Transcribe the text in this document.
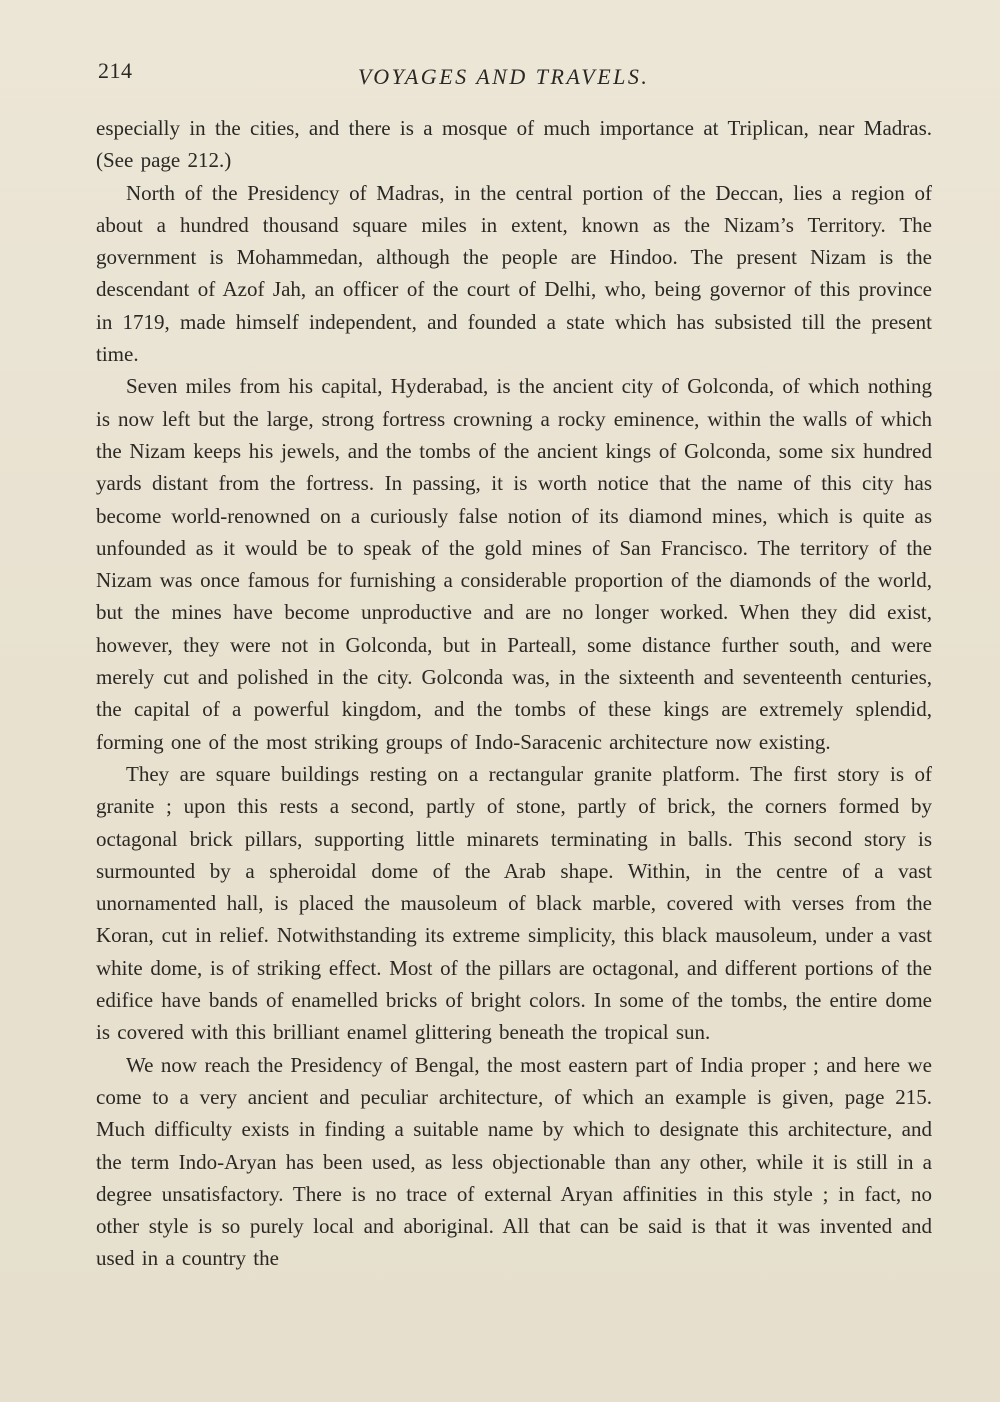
214	VOYAGES AND TRAVELS.

especially in the cities, and there is a mosque of much importance at Triplican, near Madras. (See page 212.)

North of the Presidency of Madras, in the central portion of the Deccan, lies a region of about a hundred thousand square miles in extent, known as the Nizam’s Territory. The government is Mohammedan, although the people are Hindoo. The present Nizam is the descendant of Azof Jah, an officer of the court of Delhi, who, being governor of this province in 1719, made himself independent, and founded a state which has subsisted till the present time.

Seven miles from his capital, Hyderabad, is the ancient city of Golconda, of which nothing is now left but the large, strong fortress crowning a rocky eminence, within the walls of which the Nizam keeps his jewels, and the tombs of the ancient kings of Golconda, some six hundred yards distant from the fortress. In passing, it is worth notice that the name of this city has become world-renowned on a curiously false notion of its diamond mines, which is quite as unfounded as it would be to speak of the gold mines of San Francisco. The territory of the Nizam was once famous for furnishing a considerable proportion of the diamonds of the world, but the mines have become unproductive and are no longer worked. When they did exist, however, they were not in Golconda, but in Parteall, some distance further south, and were merely cut and polished in the city. Golconda was, in the sixteenth and seventeenth centuries, the capital of a powerful kingdom, and the tombs of these kings are extremely splendid, forming one of the most striking groups of Indo-Saracenic architecture now existing.

They are square buildings resting on a rectangular granite platform. The first story is of granite ; upon this rests a second, partly of stone, partly of brick, the corners formed by octagonal brick pillars, supporting little minarets terminating in balls. This second story is surmounted by a spheroidal dome of the Arab shape. Within, in the centre of a vast unornamented hall, is placed the mausoleum of black marble, covered with verses from the Koran, cut in relief. Notwithstanding its extreme simplicity, this black mausoleum, under a vast white dome, is of striking effect. Most of the pillars are octagonal, and different portions of the edifice have bands of enamelled bricks of bright colors. In some of the tombs, the entire dome is covered with this brilliant enamel glittering beneath the tropical sun.

We now reach the Presidency of Bengal, the most eastern part of India proper ; and here we come to a very ancient and peculiar architecture, of which an example is given, page 215. Much difficulty exists in finding a suitable name by which to designate this architecture, and the term Indo-Aryan has been used, as less objectionable than any other, while it is still in a degree unsatisfactory. There is no trace of external Aryan affinities in this style ; in fact, no other style is so purely local and aboriginal. All that can be said is that it was invented and used in a country the
